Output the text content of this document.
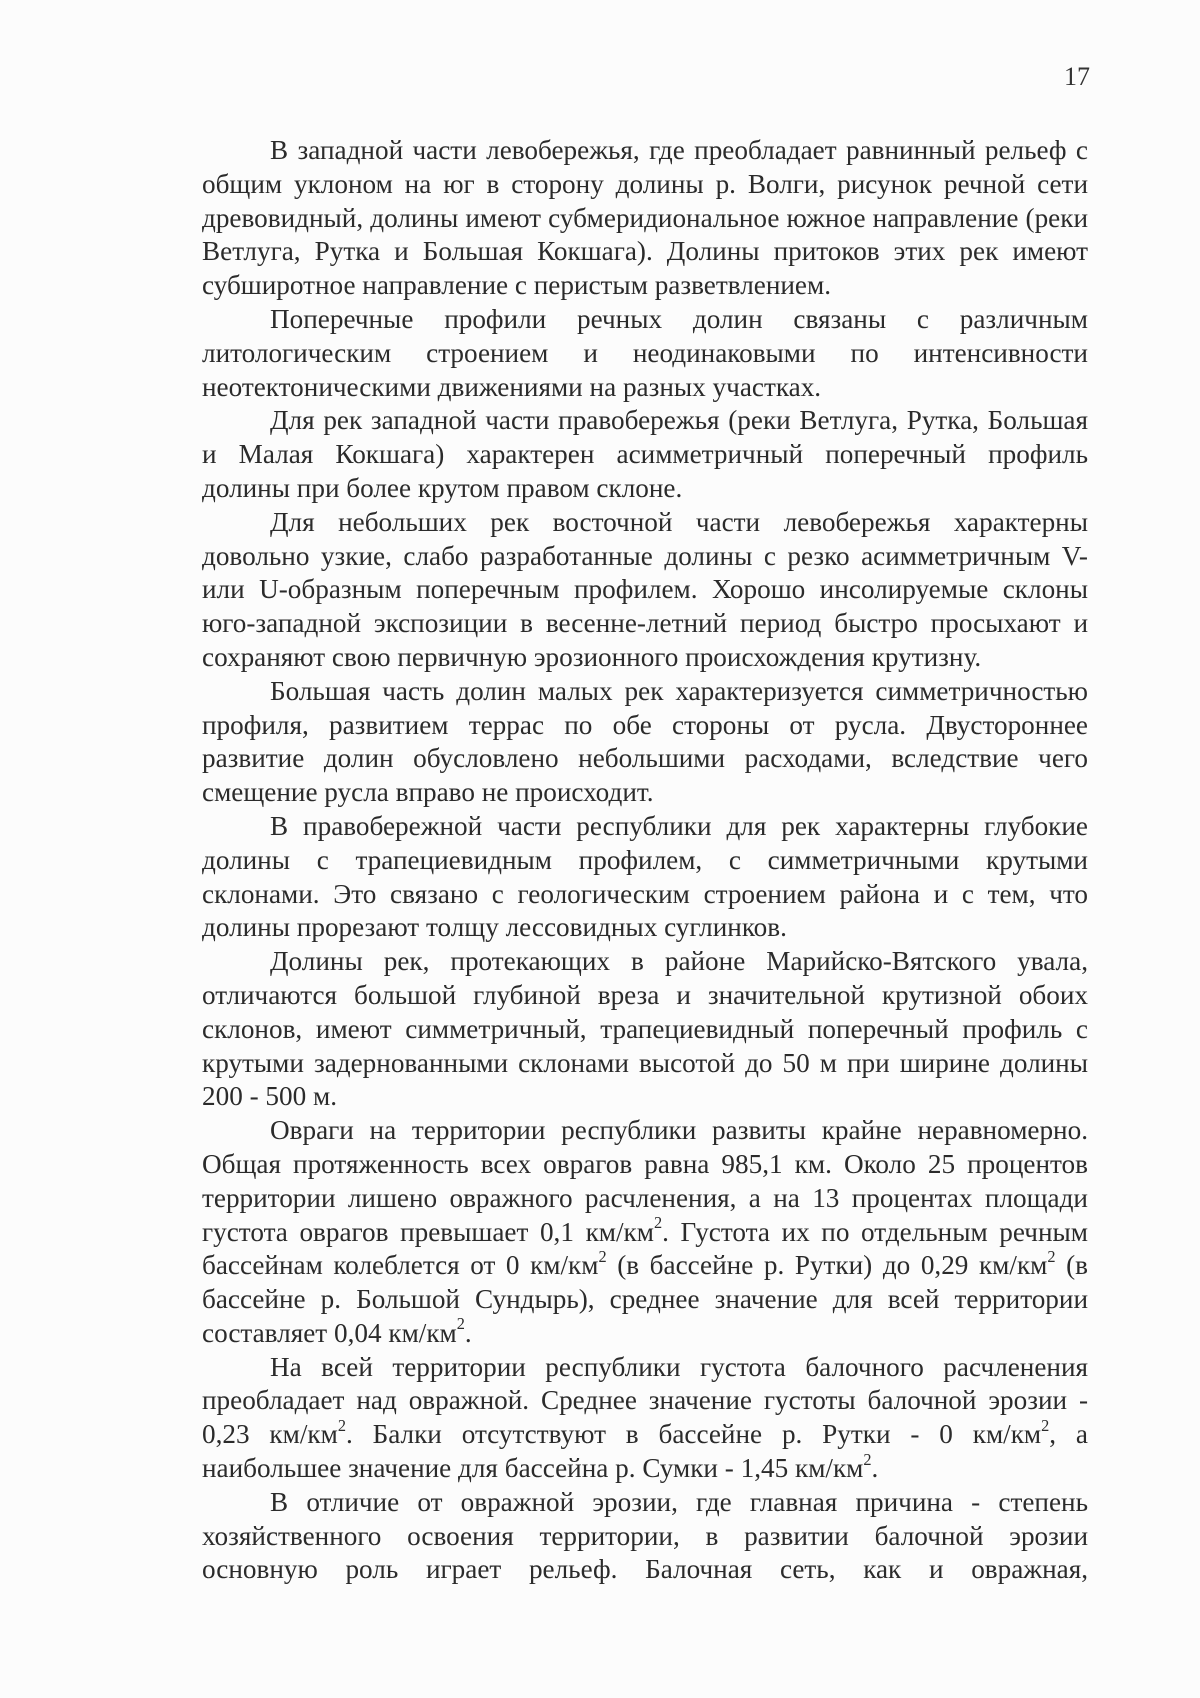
17

В западной части левобережья, где преобладает равнинный рельеф с общим уклоном на юг в сторону долины р. Волги, рисунок речной сети древовидный, долины имеют субмеридиональное южное направление (реки Ветлуга, Рутка и Большая Кокшага). Долины притоков этих рек имеют субширотное направление с перистым разветвлением.

Поперечные профили речных долин связаны с различным литологическим строением и неодинаковыми по интенсивности неотектоническими движениями на разных участках.

Для рек западной части правобережья (реки Ветлуга, Рутка, Большая и Малая Кокшага) характерен асимметричный поперечный профиль долины при более крутом правом склоне.

Для небольших рек восточной части левобережья характерны довольно узкие, слабо разработанные долины с резко асимметричным V- или U-образным поперечным профилем. Хорошо инсолируемые склоны юго-западной экспозиции в весенне-летний период быстро просыхают и сохраняют свою первичную эрозионного происхождения крутизну.

Большая часть долин малых рек характеризуется симметричностью профиля, развитием террас по обе стороны от русла. Двустороннее развитие долин обусловлено небольшими расходами, вследствие чего смещение русла вправо не происходит.

В правобережной части республики для рек характерны глубокие долины с трапециевидным профилем, с симметричными крутыми склонами. Это связано с геологическим строением района и с тем, что долины прорезают толщу лессовидных суглинков.

Долины рек, протекающих в районе Марийско-Вятского увала, отличаются большой глубиной вреза и значительной крутизной обоих склонов, имеют симметричный, трапециевидный поперечный профиль с крутыми задернованными склонами высотой до 50 м при ширине долины 200 - 500 м.

Овраги на территории республики развиты крайне неравномерно. Общая протяженность всех оврагов равна 985,1 км. Около 25 процентов территории лишено овражного расчленения, а на 13 процентах площади густота оврагов превышает 0,1 $км/км^2$. Густота их по отдельным речным бассейнам колеблется от 0 $км/км^2$ (в бассейне р. Рутки) до 0,29 $км/км^2$ (в бассейне р. Большой Сундырь), среднее значение для всей территории составляет 0,04 $км/км^2$.

На всей территории республики густота балочного расчленения преобладает над овражной. Среднее значение густоты балочной эрозии - 0,23 $км/км^2$. Балки отсутствуют в бассейне р. Рутки - 0 $км/км^2$, а наибольшее значение для бассейна р. Сумки - 1,45 $км/км^2$.

В отличие от овражной эрозии, где главная причина - степень хозяйственного освоения территории, в развитии балочной эрозии основную роль играет рельеф. Балочная сеть, как и овражная,
